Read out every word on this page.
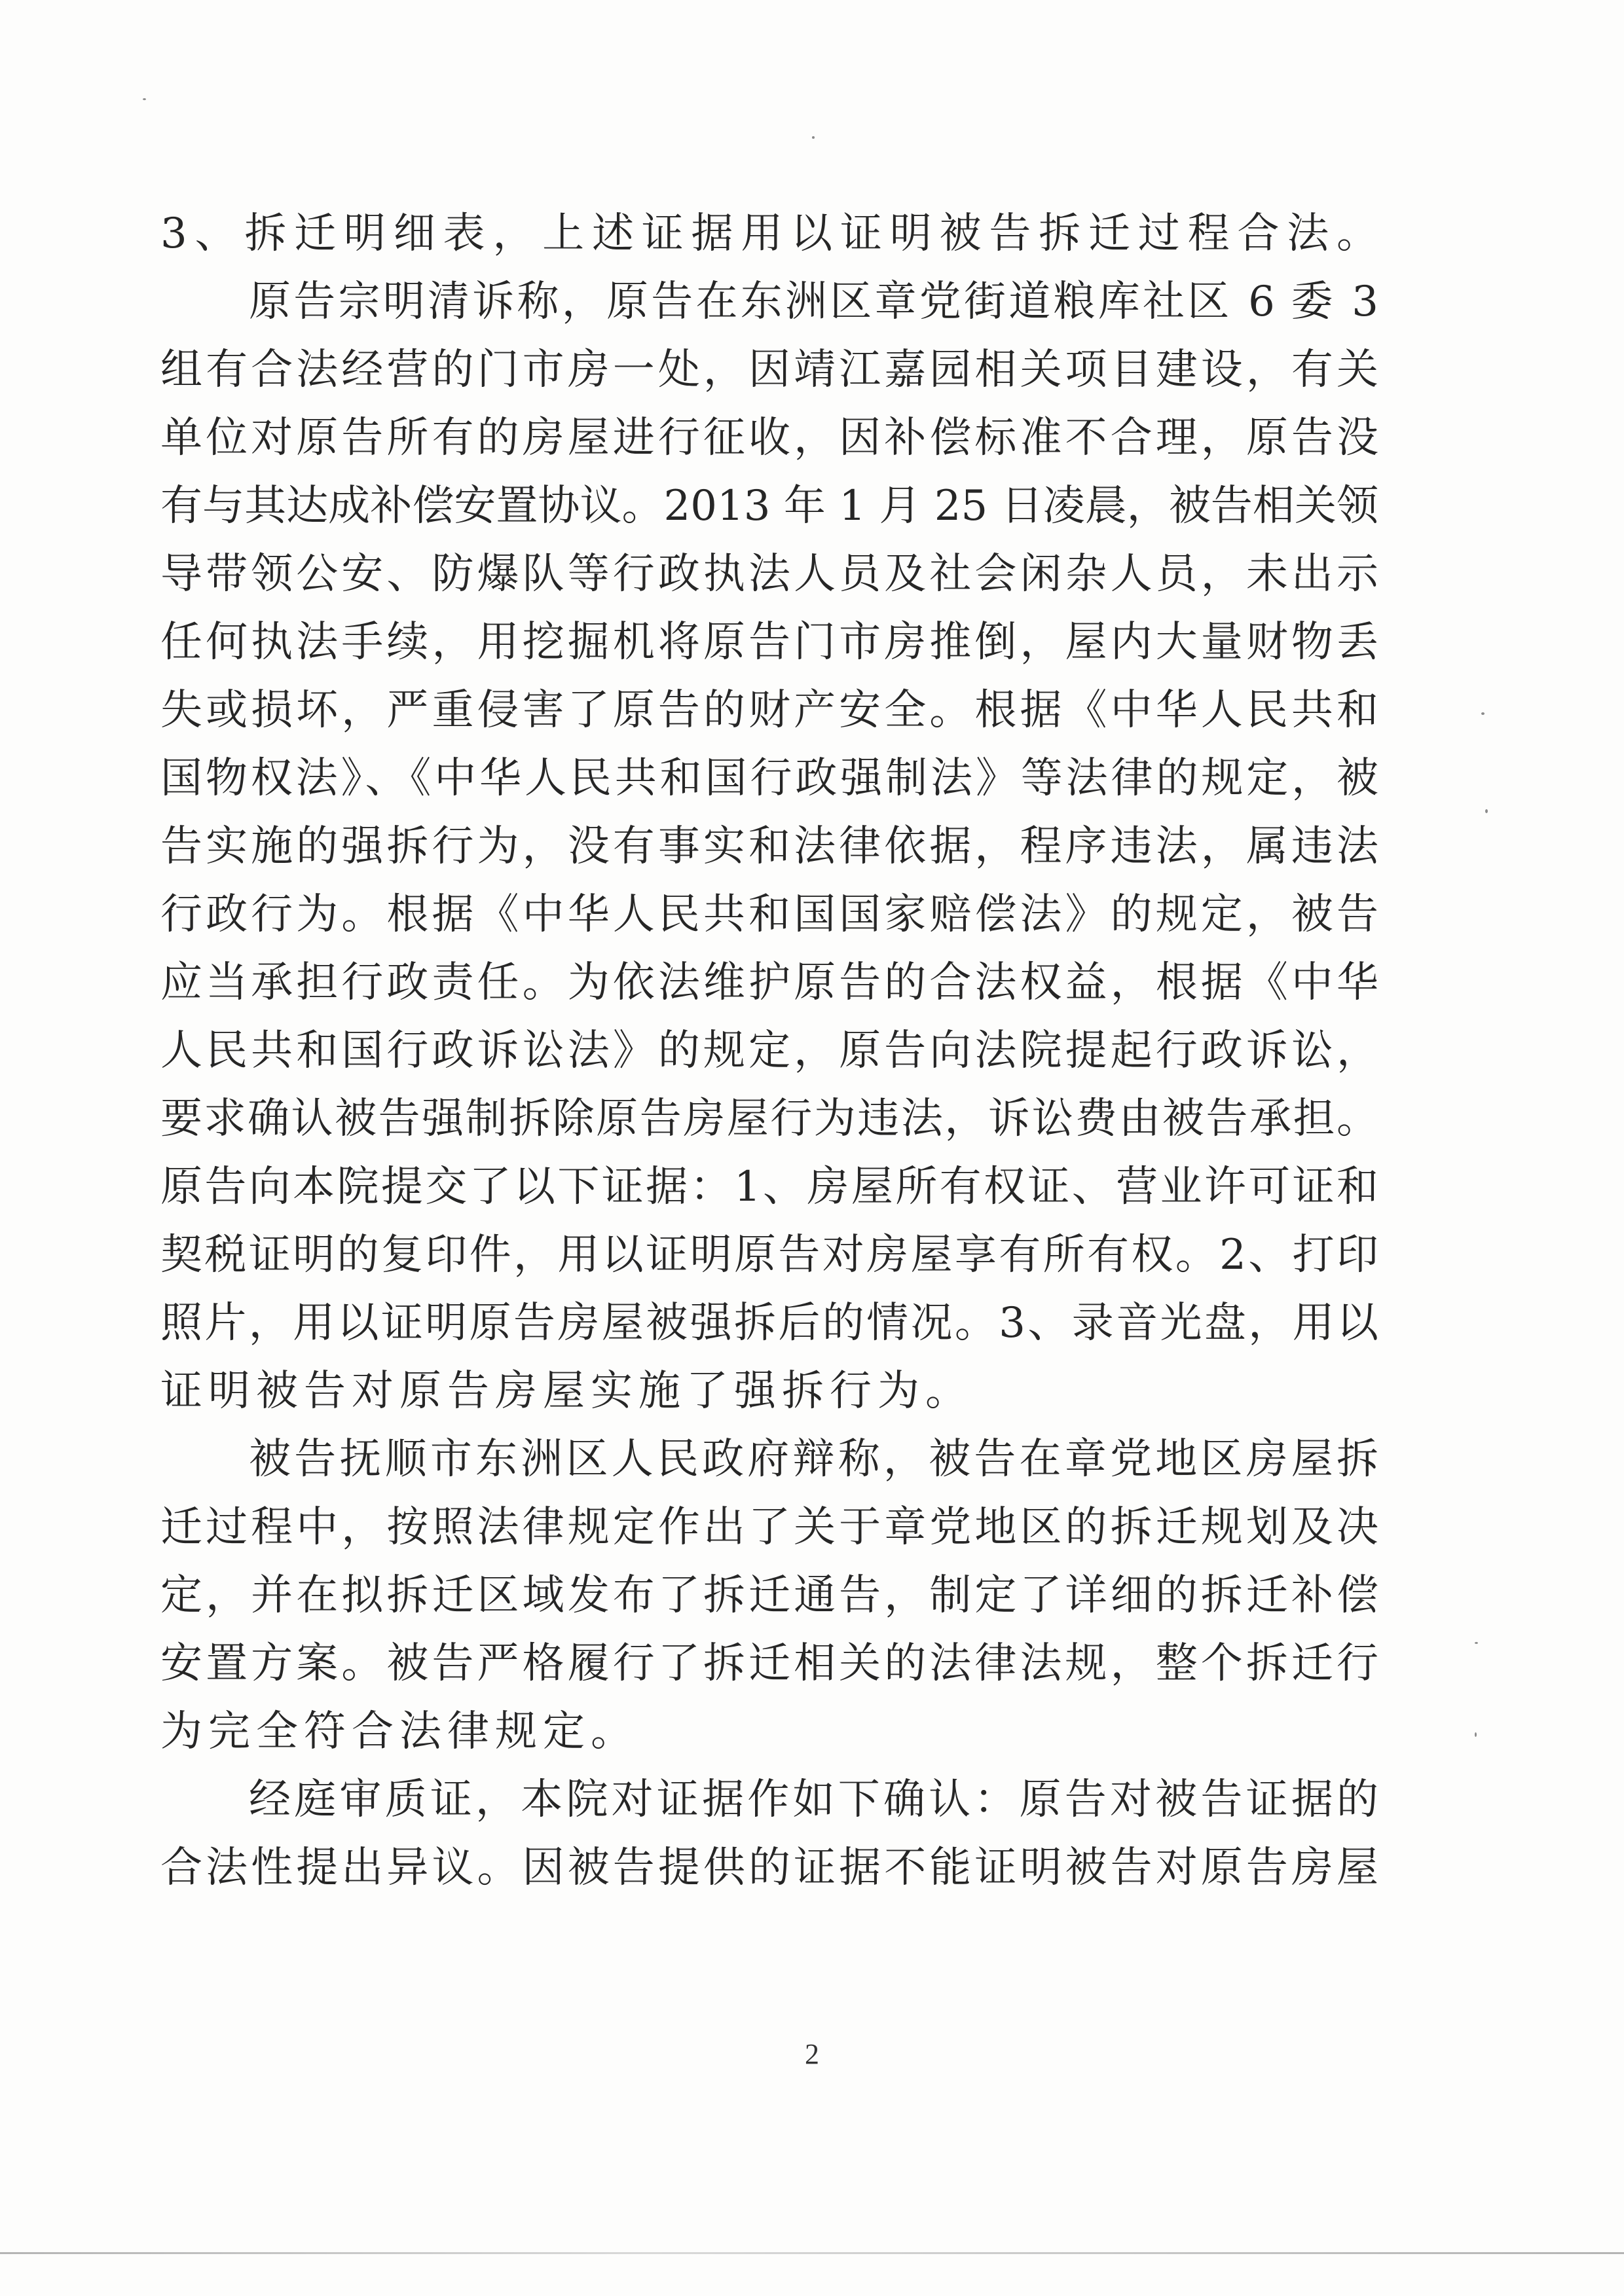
3、拆迁明细表，上述证据用以证明被告拆迁过程合法。
原告宗明清诉称，原告在东洲区章党街道粮库社区 6 委 3
组有合法经营的门市房一处，因靖江嘉园相关项目建设，有关
单位对原告所有的房屋进行征收，因补偿标准不合理，原告没
有与其达成补偿安置协议。2013 年 1 月 25 日凌晨，被告相关领
导带领公安、防爆队等行政执法人员及社会闲杂人员，未出示
任何执法手续，用挖掘机将原告门市房推倒，屋内大量财物丢
失或损坏，严重侵害了原告的财产安全。根据《中华人民共和
国物权法》、《中华人民共和国行政强制法》等法律的规定，被
告实施的强拆行为，没有事实和法律依据，程序违法，属违法
行政行为。根据《中华人民共和国国家赔偿法》的规定，被告
应当承担行政责任。为依法维护原告的合法权益，根据《中华
人民共和国行政诉讼法》的规定，原告向法院提起行政诉讼，
要求确认被告强制拆除原告房屋行为违法，诉讼费由被告承担。
原告向本院提交了以下证据：1、房屋所有权证、营业许可证和
契税证明的复印件，用以证明原告对房屋享有所有权。2、打印
照片，用以证明原告房屋被强拆后的情况。3、录音光盘，用以
证明被告对原告房屋实施了强拆行为。
被告抚顺市东洲区人民政府辩称，被告在章党地区房屋拆
迁过程中，按照法律规定作出了关于章党地区的拆迁规划及决
定，并在拟拆迁区域发布了拆迁通告，制定了详细的拆迁补偿
安置方案。被告严格履行了拆迁相关的法律法规，整个拆迁行
为完全符合法律规定。
经庭审质证，本院对证据作如下确认：原告对被告证据的
合法性提出异议。因被告提供的证据不能证明被告对原告房屋
2
